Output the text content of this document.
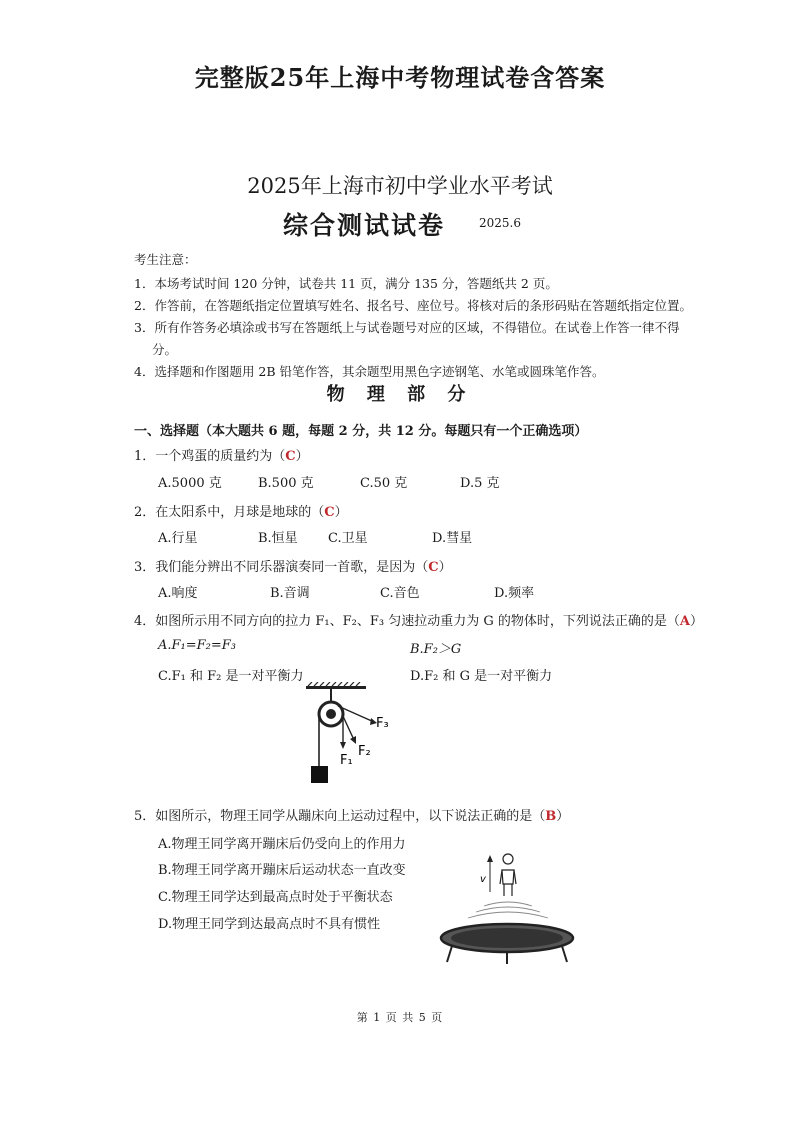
完整版25年上海中考物理试卷含答案
2025年上海市初中学业水平考试
综合测试试卷	2025.6
考生注意：
1．本场考试时间 120 分钟，试卷共 11 页，满分 135 分，答题纸共 2 页。
2．作答前，在答题纸指定位置填写姓名、报名号、座位号。将核对后的条形码贴在答题纸指定位置。
3．所有作答务必填涂或书写在答题纸上与试卷题号对应的区域，不得错位。在试卷上作答一律不得
分。
4．选择题和作图题用 2B 铅笔作答，其余题型用黑色字迹钢笔、水笔或圆珠笔作答。
物 理 部 分
一、选择题（本大题共 6 题，每题 2 分，共 12 分。每题只有一个正确选项）
1．一个鸡蛋的质量约为（C）
A.5000 克	B.500 克	C.50 克	D.5 克
2．在太阳系中，月球是地球的（C）
A.行星	B.恒星 C.卫星	D.彗星
3．我们能分辨出不同乐器演奏同一首歌，是因为（C）
A.响度	B.音调	C.音色	D.频率
4．如图所示用不同方向的拉力 F₁、F₂、F₃ 匀速拉动重力为 G 的物体时，下列说法正确的是（A）
A.F₁=F₂=F₃	B.F₂＞G
C.F₁ 和 F₂ 是一对平衡力	D.F₂ 和 G 是一对平衡力
F₁
F₂
F₃
5．如图所示，物理王同学从蹦床向上运动过程中，以下说法正确的是（B）
A.物理王同学离开蹦床后仍受向上的作用力
B.物理王同学离开蹦床后运动状态一直改变
C.物理王同学达到最高点时处于平衡状态
D.物理王同学到达最高点时不具有惯性
v
第 1 页 共 5 页
